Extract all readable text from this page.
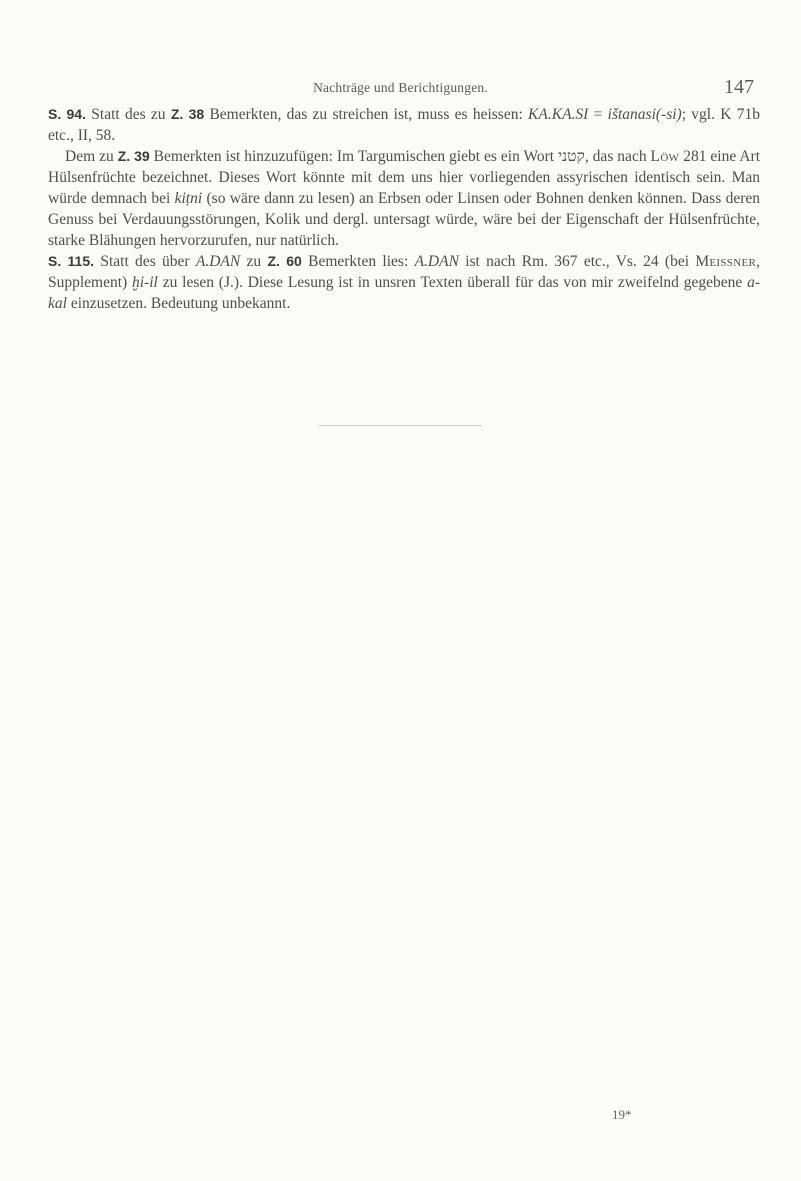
Nachträge und Berichtigungen.	147

S. 94. Statt des zu Z. 38 Bemerkten, das zu streichen ist, muss es heissen: KA.KA.SI = ištanasi(-si); vgl. K 71b etc., II, 58.

Dem zu Z. 39 Bemerkten ist hinzuzufügen: Im Targumischen giebt es ein Wort קטני, das nach Löw 281 eine Art Hülsenfrüchte bezeichnet. Dieses Wort könnte mit dem uns hier vorliegenden assyrischen identisch sein. Man würde demnach bei kiṭni (so wäre dann zu lesen) an Erbsen oder Linsen oder Bohnen denken können. Dass deren Genuss bei Verdauungsstörungen, Kolik und dergl. untersagt würde, wäre bei der Eigenschaft der Hülsenfrüchte, starke Blähungen hervorzurufen, nur natürlich.

S. 115. Statt des über A.DAN zu Z. 60 Bemerkten lies: A.DAN ist nach Rm. 367 etc., Vs. 24 (bei Meissner, Supplement) ḫi-il zu lesen (J.). Diese Lesung ist in unsren Texten überall für das von mir zweifelnd gegebene a-kal einzusetzen. Bedeutung unbekannt.

19*
